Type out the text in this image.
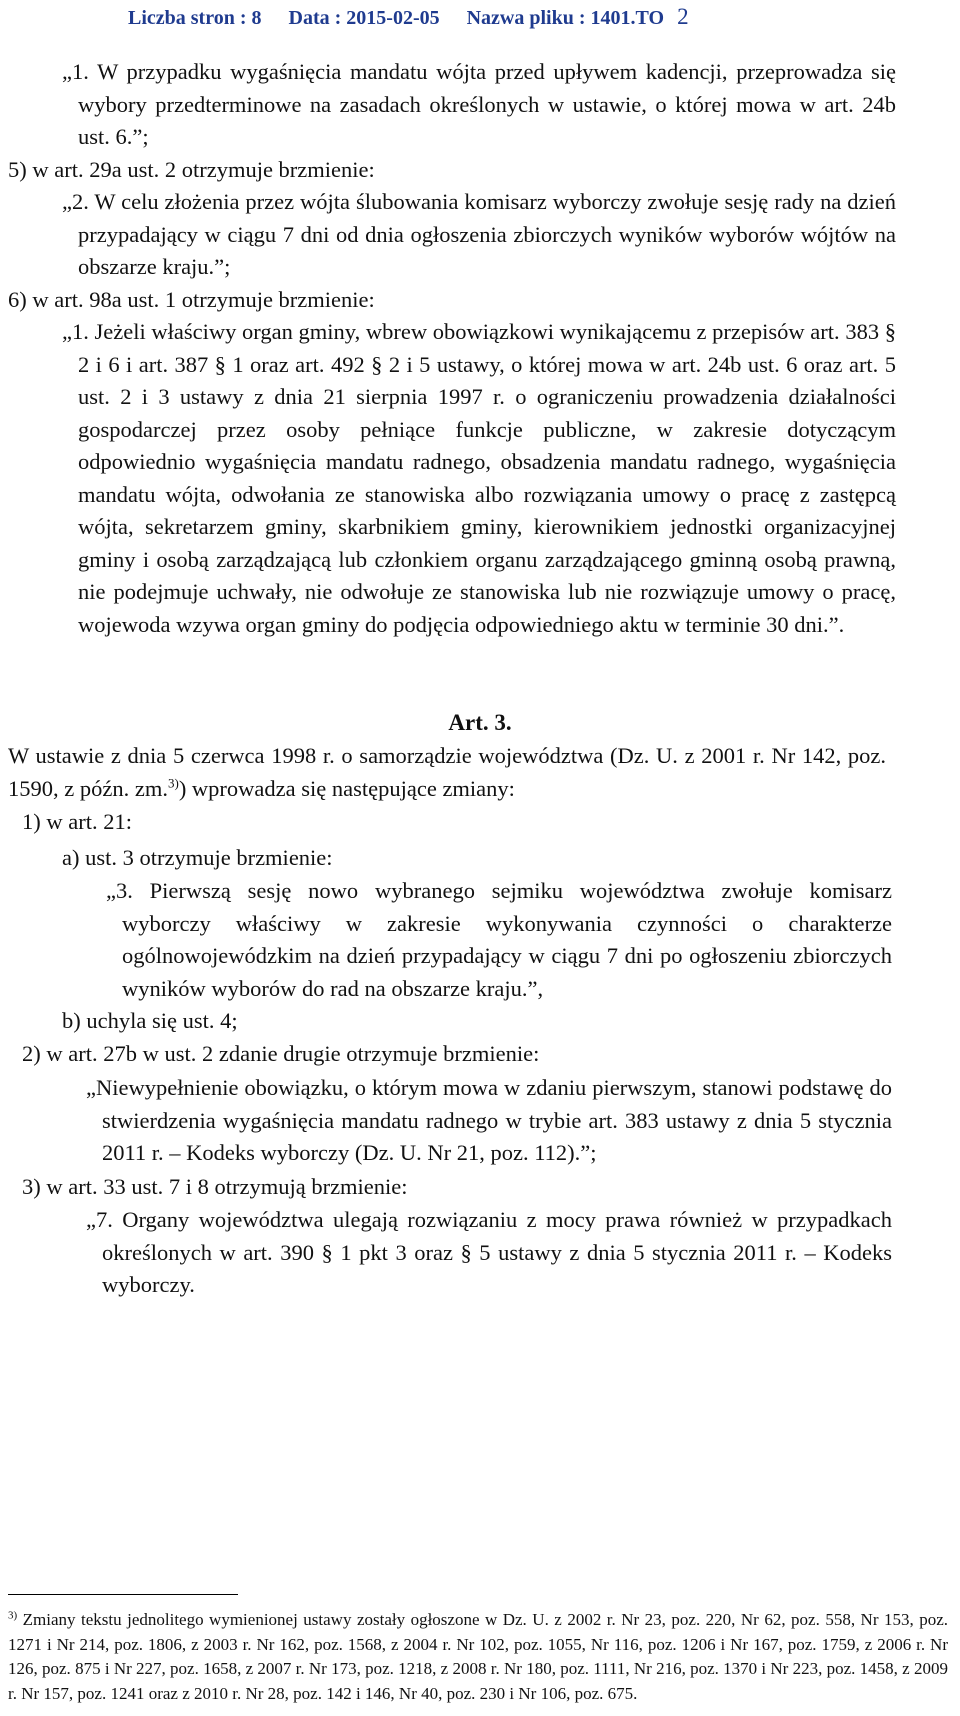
Liczba stron : 8 Data : 2015-02-05 Nazwa pliku : 1401.TO 2
„1. W przypadku wygaśnięcia mandatu wójta przed upływem kadencji, przeprowadza się wybory przedterminowe na zasadach określonych w ustawie, o której mowa w art. 24b ust. 6.”;
5) w art. 29a ust. 2 otrzymuje brzmienie:
„2. W celu złożenia przez wójta ślubowania komisarz wyborczy zwołuje sesję rady na dzień przypadający w ciągu 7 dni od dnia ogłoszenia zbiorczych wyników wyborów wójtów na obszarze kraju.”;
6) w art. 98a ust. 1 otrzymuje brzmienie:
„1. Jeżeli właściwy organ gminy, wbrew obowiązkowi wynikającemu z przepisów art. 383 § 2 i 6 i art. 387 § 1 oraz art. 492 § 2 i 5 ustawy, o której mowa w art. 24b ust. 6 oraz art. 5 ust. 2 i 3 ustawy z dnia 21 sierpnia 1997 r. o ograniczeniu prowadzenia działalności gospodarczej przez osoby pełniące funkcje publiczne, w zakresie dotyczącym odpowiednio wygaśnięcia mandatu radnego, obsadzenia mandatu radnego, wygaśnięcia mandatu wójta, odwołania ze stanowiska albo rozwiązania umowy o pracę z zastępcą wójta, sekretarzem gminy, skarbnikiem gminy, kierownikiem jednostki organizacyjnej gminy i osobą zarządzającą lub członkiem organu zarządzającego gminną osobą prawną, nie podejmuje uchwały, nie odwołuje ze stanowiska lub nie rozwiązuje umowy o pracę, wojewoda wzywa organ gminy do podjęcia odpowiedniego aktu w terminie 30 dni.”.
Art. 3.
W ustawie z dnia 5 czerwca 1998 r. o samorządzie województwa (Dz. U. z 2001 r. Nr 142, poz. 1590, z późn. zm.$^{3)}$) wprowadza się następujące zmiany:
1) w art. 21:
a) ust. 3 otrzymuje brzmienie:
„3. Pierwszą sesję nowo wybranego sejmiku województwa zwołuje komisarz wyborczy właściwy w zakresie wykonywania czynności o charakterze ogólnowojewódzkim na dzień przypadający w ciągu 7 dni po ogłoszeniu zbiorczych wyników wyborów do rad na obszarze kraju.”,
b) uchyla się ust. 4;
2) w art. 27b w ust. 2 zdanie drugie otrzymuje brzmienie:
„Niewypełnienie obowiązku, o którym mowa w zdaniu pierwszym, stanowi podstawę do stwierdzenia wygaśnięcia mandatu radnego w trybie art. 383 ustawy z dnia 5 stycznia 2011 r. – Kodeks wyborczy (Dz. U. Nr 21, poz. 112).”;
3) w art. 33 ust. 7 i 8 otrzymują brzmienie:
„7. Organy województwa ulegają rozwiązaniu z mocy prawa również w przypadkach określonych w art. 390 § 1 pkt 3 oraz § 5 ustawy z dnia 5 stycznia 2011 r. – Kodeks wyborczy.
$^{3)}$ Zmiany tekstu jednolitego wymienionej ustawy zostały ogłoszone w Dz. U. z 2002 r. Nr 23, poz. 220, Nr 62, poz. 558, Nr 153, poz. 1271 i Nr 214, poz. 1806, z 2003 r. Nr 162, poz. 1568, z 2004 r. Nr 102, poz. 1055, Nr 116, poz. 1206 i Nr 167, poz. 1759, z 2006 r. Nr 126, poz. 875 i Nr 227, poz. 1658, z 2007 r. Nr 173, poz. 1218, z 2008 r. Nr 180, poz. 1111, Nr 216, poz. 1370 i Nr 223, poz. 1458, z 2009 r. Nr 157, poz. 1241 oraz z 2010 r. Nr 28, poz. 142 i 146, Nr 40, poz. 230 i Nr 106, poz. 675.
